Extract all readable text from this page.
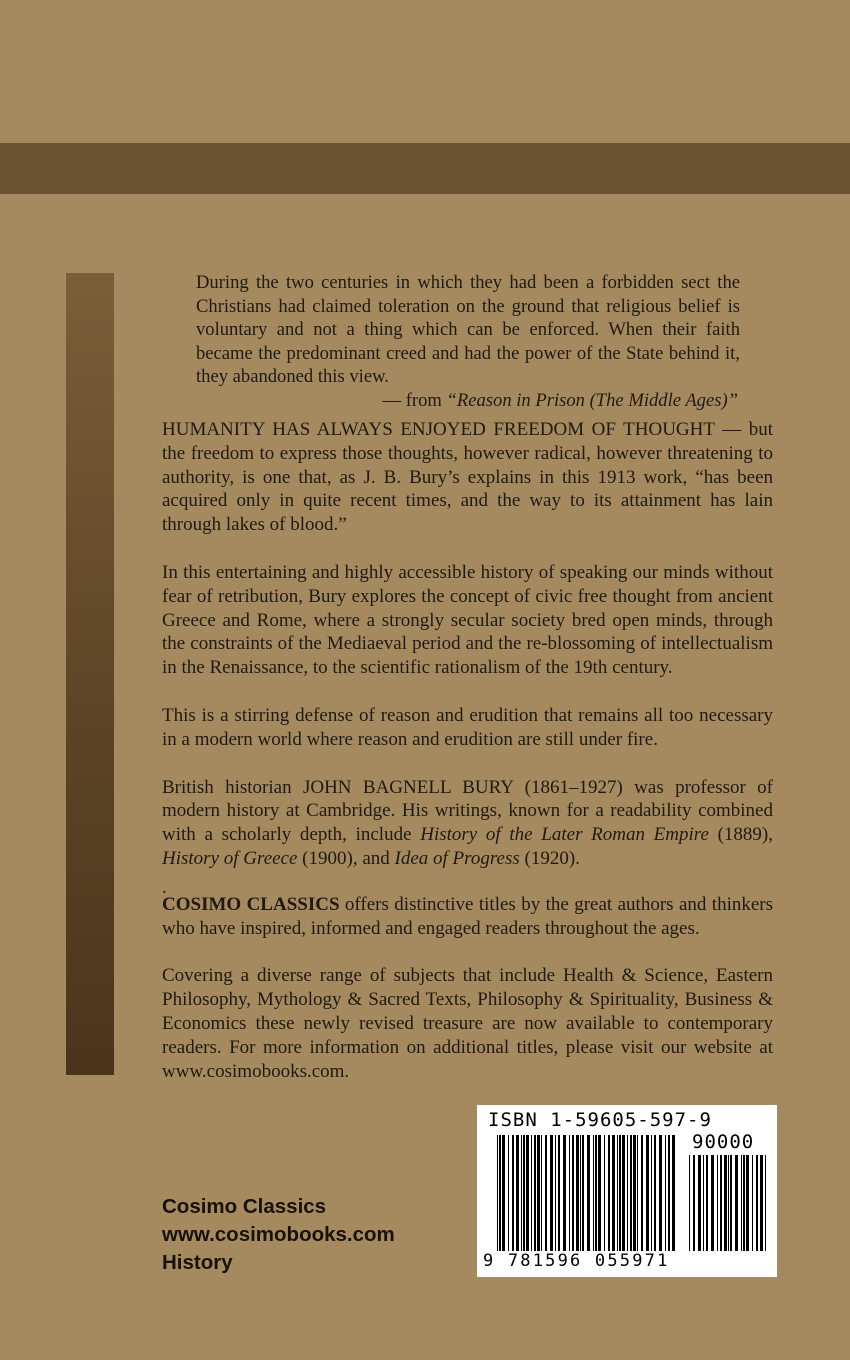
During the two centuries in which they had been a forbidden sect the Christians had claimed toleration on the ground that religious belief is voluntary and not a thing which can be enforced. When their faith became the predominant creed and had the power of the State behind it, they abandoned this view.

— from “Reason in Prison (The Middle Ages)”

HUMANITY HAS ALWAYS ENJOYED FREEDOM OF THOUGHT — but the freedom to express those thoughts, however radical, however threatening to authority, is one that, as J. B. Bury’s explains in this 1913 work, “has been acquired only in quite recent times, and the way to its attainment has lain through lakes of blood.”

In this entertaining and highly accessible history of speaking our minds without fear of retribution, Bury explores the concept of civic free thought from ancient Greece and Rome, where a strongly secular society bred open minds, through the constraints of the Mediaeval period and the re-blossoming of intellectualism in the Renaissance, to the scientific rationalism of the 19th century.

This is a stirring defense of reason and erudition that remains all too necessary in a modern world where reason and erudition are still under fire.

British historian JOHN BAGNELL BURY (1861–1927) was professor of modern history at Cambridge. His writings, known for a readability combined with a scholarly depth, include History of the Later Roman Empire (1889), History of Greece (1900), and Idea of Progress (1920).

.

COSIMO CLASSICS offers distinctive titles by the great authors and thinkers who have inspired, informed and engaged readers throughout the ages.

Covering a diverse range of subjects that include Health & Science, Eastern Philosophy, Mythology & Sacred Texts, Philosophy & Spirituality, Business & Economics these newly revised treasure are now available to contemporary readers. For more information on additional titles, please visit our website at www.cosimobooks.com.

Cosimo Classics
www.cosimobooks.com
History
ISBN 1-59605-597-9
90000
9 781596 055971
